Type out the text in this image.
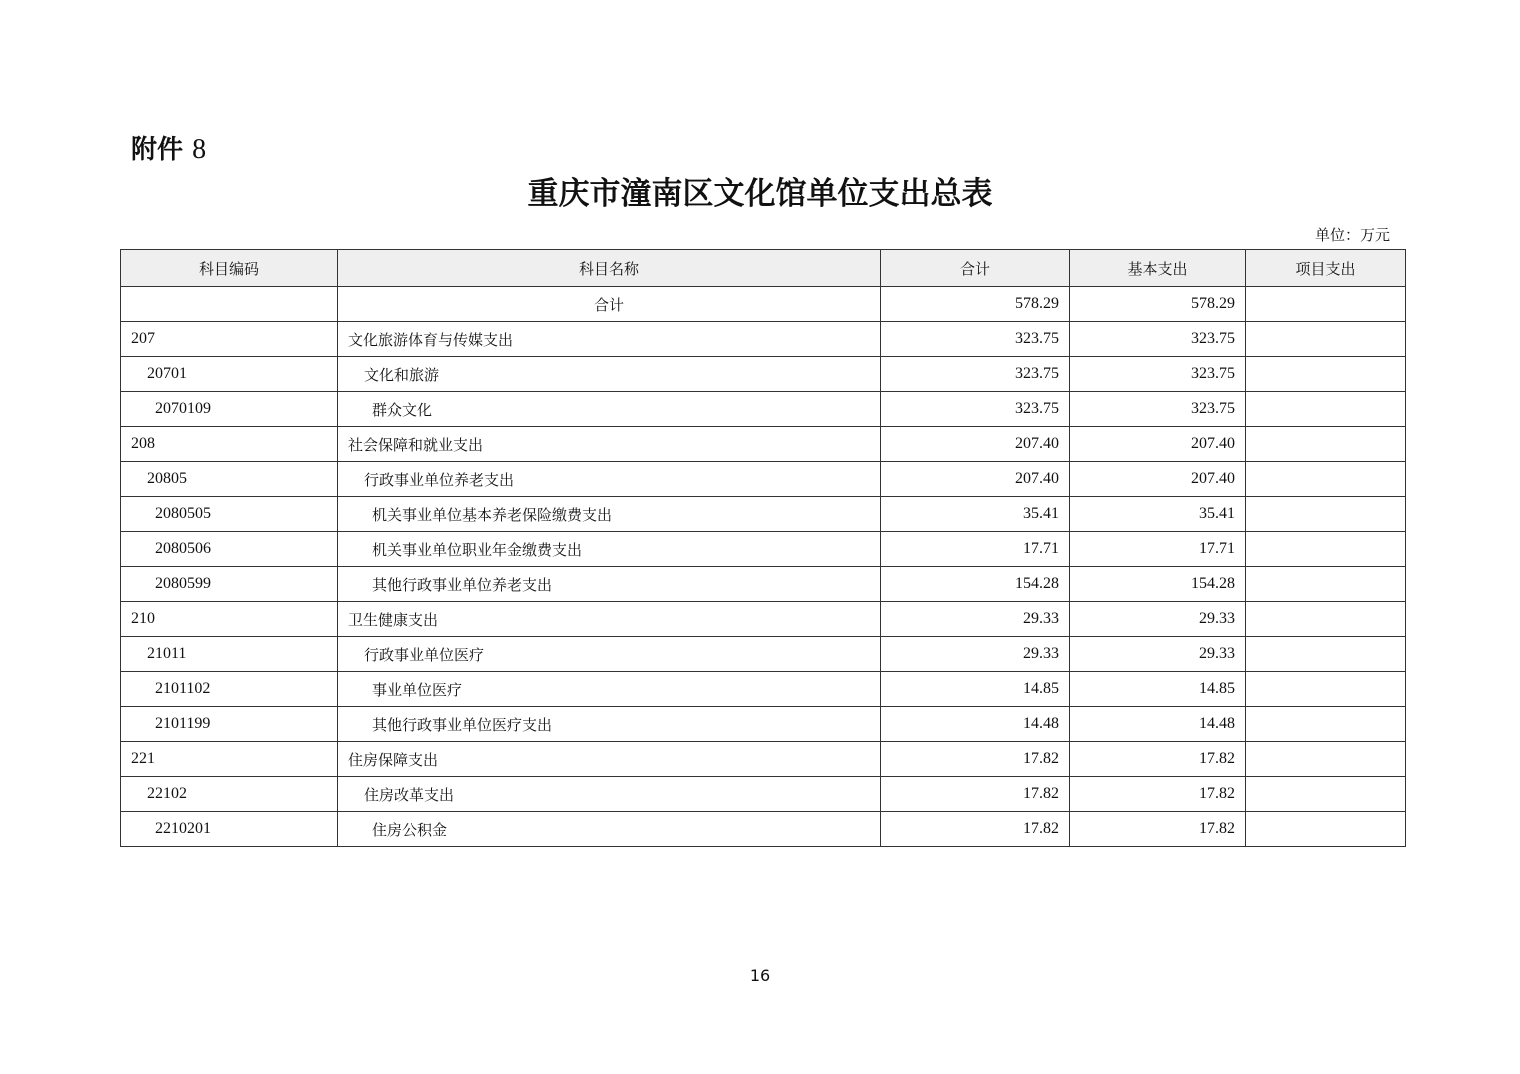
附件 8
重庆市潼南区文化馆单位支出总表
单位：万元
科目编码	科目名称	合计	基本支出	项目支出
	合计	578.29	578.29	
207	文化旅游体育与传媒支出	323.75	323.75	
20701	文化和旅游	323.75	323.75	
2070109	群众文化	323.75	323.75	
208	社会保障和就业支出	207.40	207.40	
20805	行政事业单位养老支出	207.40	207.40	
2080505	机关事业单位基本养老保险缴费支出	35.41	35.41	
2080506	机关事业单位职业年金缴费支出	17.71	17.71	
2080599	其他行政事业单位养老支出	154.28	154.28	
210	卫生健康支出	29.33	29.33	
21011	行政事业单位医疗	29.33	29.33	
2101102	事业单位医疗	14.85	14.85	
2101199	其他行政事业单位医疗支出	14.48	14.48	
221	住房保障支出	17.82	17.82	
22102	住房改革支出	17.82	17.82	
2210201	住房公积金	17.82	17.82	
16
